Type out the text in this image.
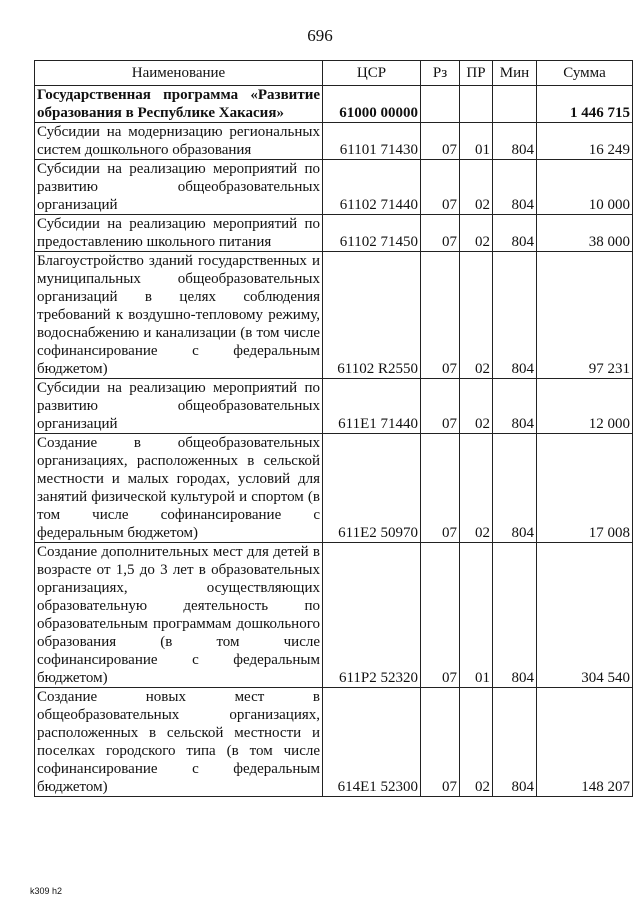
696
Наименование	ЦСР	Рз	ПР	Мин	Сумма
Государственная программа «Развитие образования в Республике Хакасия»	61000 00000				1 446 715
Субсидии на модернизацию региональных систем дошкольного образования	61101 71430	07	01	804	16 249
Субсидии на реализацию мероприятий по развитию общеобразовательных организаций	61102 71440	07	02	804	10 000
Субсидии на реализацию мероприятий по предоставлению школьного питания	61102 71450	07	02	804	38 000
Благоустройство зданий государственных и муниципальных общеобразовательных организаций в целях соблюдения требований к воздушно-тепловому режиму, водоснабжению и канализации (в том числе софинансирование с федеральным бюджетом)	61102 R2550	07	02	804	97 231
Субсидии на реализацию мероприятий по развитию общеобразовательных организаций	611E1 71440	07	02	804	12 000
Создание в общеобразовательных организациях, расположенных в сельской местности и малых городах, условий для занятий физической культурой и спортом (в том числе софинансирование с федеральным бюджетом)	611E2 50970	07	02	804	17 008
Создание дополнительных мест для детей в возрасте от 1,5 до 3 лет в образовательных организациях, осуществляющих образовательную деятельность по образовательным программам дошкольного образования (в том числе софинансирование с федеральным бюджетом)	611P2 52320	07	01	804	304 540
Создание новых мест в общеобразовательных организациях, расположенных в сельской местности и поселках городского типа (в том числе софинансирование с федеральным бюджетом)	614E1 52300	07	02	804	148 207
k309 h2
